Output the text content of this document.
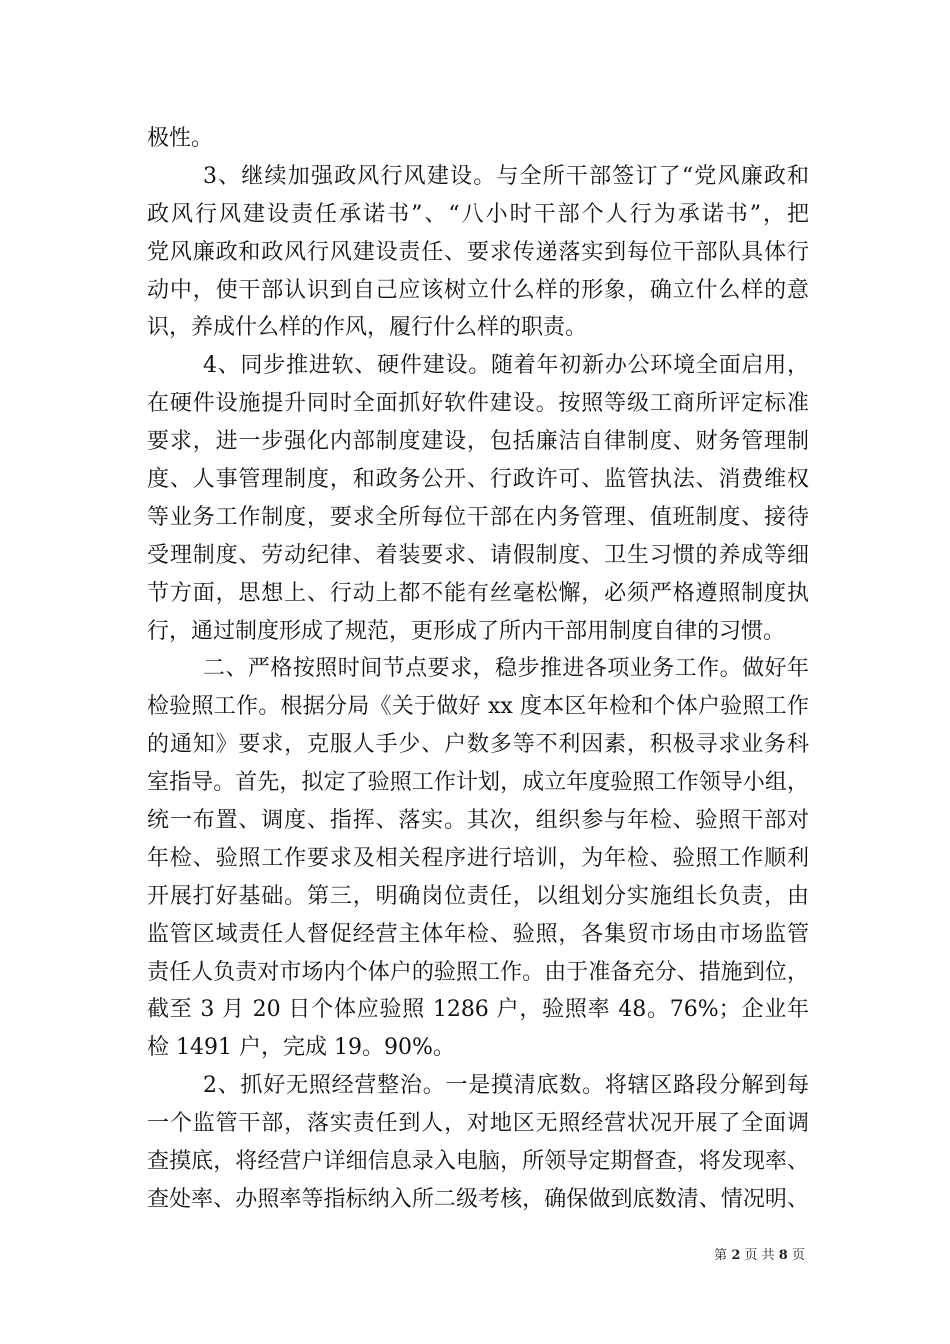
极性。
3、继续加强政风行风建设。与全所干部签订了“党风廉政和
政风行风建设责任承诺书”、“八小时干部个人行为承诺书”，把
党风廉政和政风行风建设责任、要求传递落实到每位干部队具体行
动中，使干部认识到自己应该树立什么样的形象，确立什么样的意
识，养成什么样的作风，履行什么样的职责。
4、同步推进软、硬件建设。随着年初新办公环境全面启用，
在硬件设施提升同时全面抓好软件建设。按照等级工商所评定标准
要求，进一步强化内部制度建设，包括廉洁自律制度、财务管理制
度、人事管理制度，和政务公开、行政许可、监管执法、消费维权
等业务工作制度，要求全所每位干部在内务管理、值班制度、接待
受理制度、劳动纪律、着装要求、请假制度、卫生习惯的养成等细
节方面，思想上、行动上都不能有丝毫松懈，必须严格遵照制度执
行，通过制度形成了规范，更形成了所内干部用制度自律的习惯。
二、严格按照时间节点要求，稳步推进各项业务工作。做好年
检验照工作。根据分局《关于做好 xx 度本区年检和个体户验照工作
的通知》要求，克服人手少、户数多等不利因素，积极寻求业务科
室指导。首先，拟定了验照工作计划，成立年度验照工作领导小组，
统一布置、调度、指挥、落实。其次，组织参与年检、验照干部对
年检、验照工作要求及相关程序进行培训，为年检、验照工作顺利
开展打好基础。第三，明确岗位责任，以组划分实施组长负责，由
监管区域责任人督促经营主体年检、验照，各集贸市场由市场监管
责任人负责对市场内个体户的验照工作。由于准备充分、措施到位，
截至 3 月 20 日个体应验照 1286 户，验照率 48。76%；企业年
检 1491 户，完成 19。90%。
2、抓好无照经营整治。一是摸清底数。将辖区路段分解到每
一个监管干部，落实责任到人，对地区无照经营状况开展了全面调
查摸底，将经营户详细信息录入电脑，所领导定期督查，将发现率、
查处率、办照率等指标纳入所二级考核，确保做到底数清、情况明、
第 2 页 共 8 页
